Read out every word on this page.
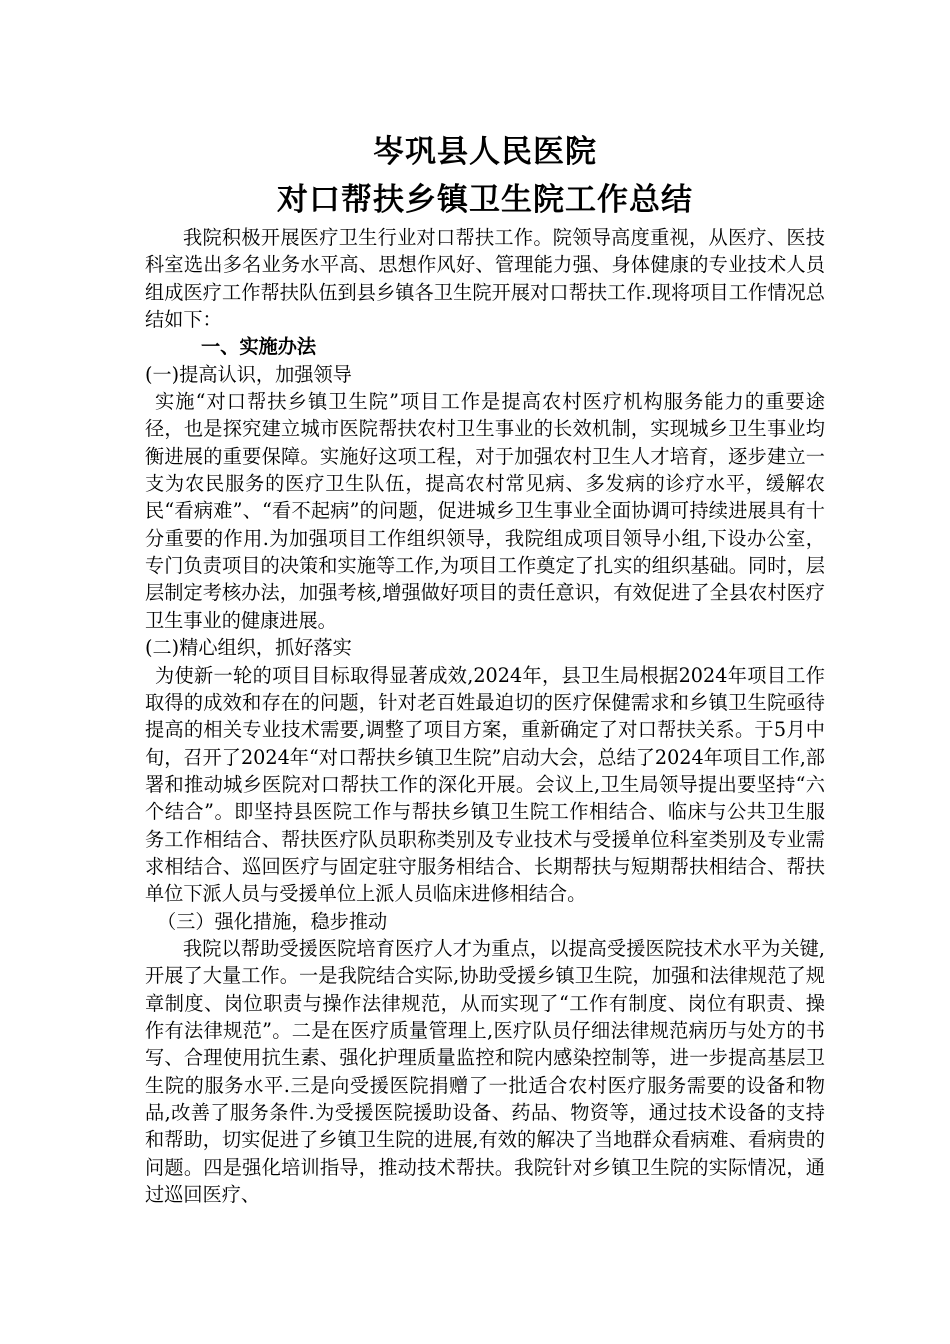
岑巩县人民医院
对口帮扶乡镇卫生院工作总结

我院积极开展医疗卫生行业对口帮扶工作。院领导高度重视，从医疗、医技科室选出多名业务水平高、思想作风好、管理能力强、身体健康的专业技术人员组成医疗工作帮扶队伍到县乡镇各卫生院开展对口帮扶工作.现将项目工作情况总结如下：

一、实施办法

(一)提高认识，加强领导

实施“对口帮扶乡镇卫生院”项目工作是提高农村医疗机构服务能力的重要途径，也是探究建立城市医院帮扶农村卫生事业的长效机制，实现城乡卫生事业均衡进展的重要保障。实施好这项工程，对于加强农村卫生人才培育，逐步建立一支为农民服务的医疗卫生队伍，提高农村常见病、多发病的诊疗水平，缓解农民“看病难”、“看不起病”的问题，促进城乡卫生事业全面协调可持续进展具有十分重要的作用.为加强项目工作组织领导，我院组成项目领导小组,下设办公室，专门负责项目的决策和实施等工作,为项目工作奠定了扎实的组织基础。同时，层层制定考核办法，加强考核,增强做好项目的责任意识，有效促进了全县农村医疗卫生事业的健康进展。

(二)精心组织，抓好落实

为使新一轮的项目目标取得显著成效,2024年，县卫生局根据2024年项目工作取得的成效和存在的问题，针对老百姓最迫切的医疗保健需求和乡镇卫生院亟待提高的相关专业技术需要,调整了项目方案，重新确定了对口帮扶关系。于5月中旬，召开了2024年“对口帮扶乡镇卫生院”启动大会，总结了2024年项目工作,部署和推动城乡医院对口帮扶工作的深化开展。会议上,卫生局领导提出要坚持“六个结合”。即坚持县医院工作与帮扶乡镇卫生院工作相结合、临床与公共卫生服务工作相结合、帮扶医疗队员职称类别及专业技术与受援单位科室类别及专业需求相结合、巡回医疗与固定驻守服务相结合、长期帮扶与短期帮扶相结合、帮扶单位下派人员与受援单位上派人员临床进修相结合。

（三）强化措施，稳步推动

我院以帮助受援医院培育医疗人才为重点，以提高受援医院技术水平为关键,开展了大量工作。一是我院结合实际,协助受援乡镇卫生院，加强和法律规范了规章制度、岗位职责与操作法律规范，从而实现了“工作有制度、岗位有职责、操作有法律规范”。二是在医疗质量管理上,医疗队员仔细法律规范病历与处方的书写、合理使用抗生素、强化护理质量监控和院内感染控制等，进一步提高基层卫生院的服务水平.三是向受援医院捐赠了一批适合农村医疗服务需要的设备和物品,改善了服务条件.为受援医院援助设备、药品、物资等，通过技术设备的支持和帮助，切实促进了乡镇卫生院的进展,有效的解决了当地群众看病难、看病贵的问题。四是强化培训指导，推动技术帮扶。我院针对乡镇卫生院的实际情况，通过巡回医疗、
